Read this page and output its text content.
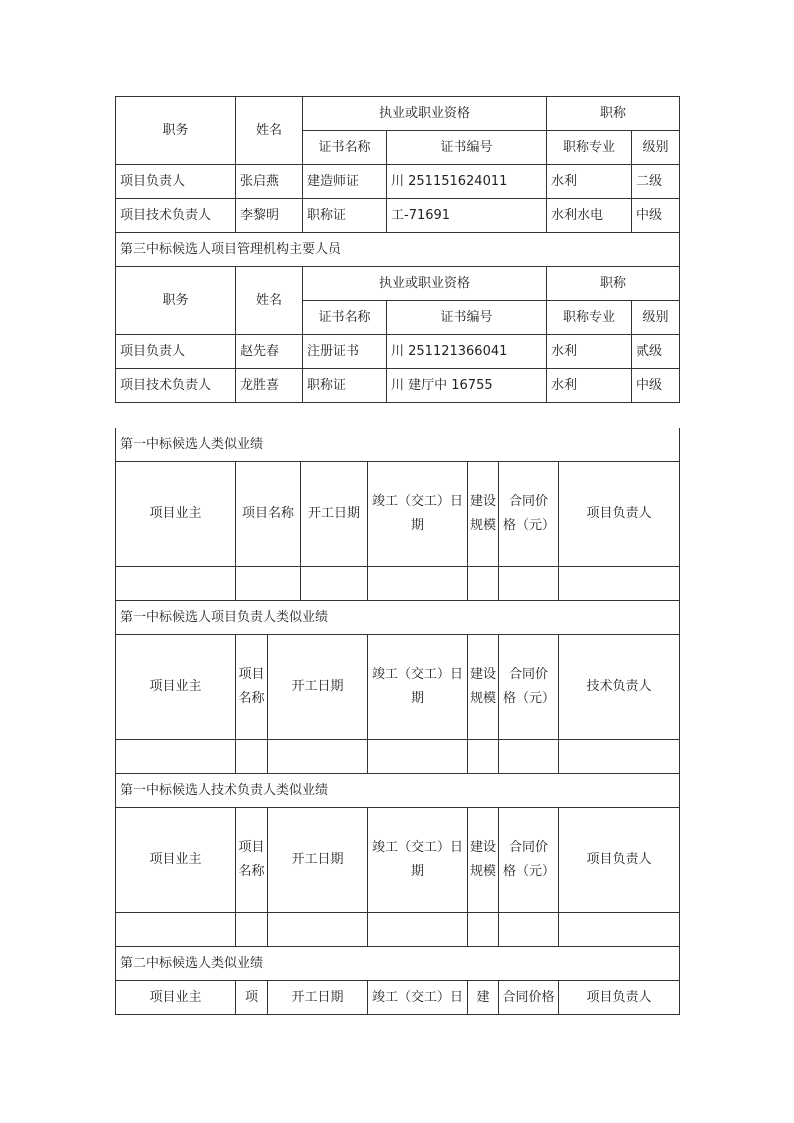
职务	姓名	执业或职业资格		职称	
		证书名称	证书编号	职称专业	级别
项目负责人	张启燕	建造师证	川 251151624011	水利	二级
项目技术负责人	李黎明	职称证	工-71691	水利水电	中级
第三中标候选人项目管理机构主要人员					
职务	姓名	执业或职业资格		职称	
		证书名称	证书编号	职称专业	级别
项目负责人	赵先春	注册证书	川 251121366041	水利	贰级
项目技术负责人	龙胜喜	职称证	川 建厅中 16755	水利	中级
第一中标候选人类似业绩							
项目业主	项目名称		开工日期	竣工（交工）日期	建设规模	合同价格（元）	项目负责人

第一中标候选人项目负责人类似业绩							
项目业主	项目名称	开工日期		竣工（交工）日期	建设规模	合同价格（元）	技术负责人

第一中标候选人技术负责人类似业绩							
项目业主	项目名称	开工日期		竣工（交工）日期	建设规模	合同价格（元）	项目负责人

第二中标候选人类似业绩							
项目业主	项	开工日期		竣工（交工）日	建	合同价格	项目负责人
